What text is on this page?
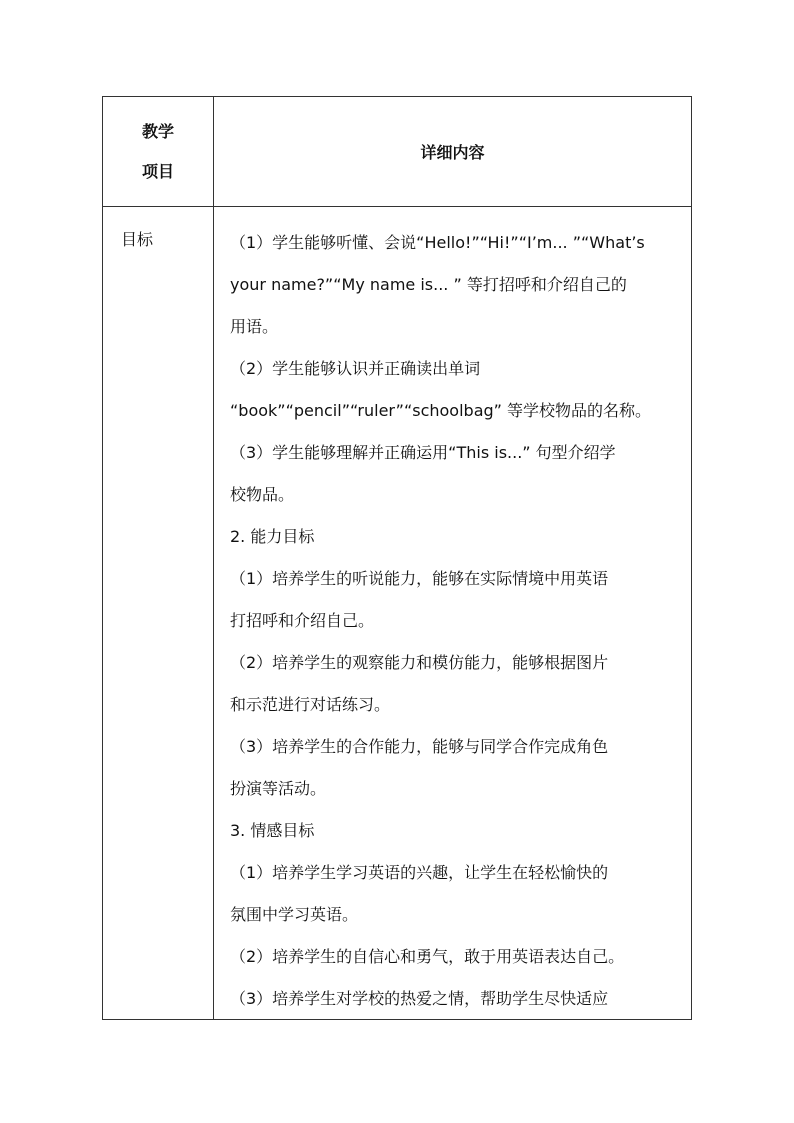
教学
项目
详细内容
目标	（1）学生能够听懂、会说“Hello!”“Hi!”“I’m... ”“What’s
your name?”“My name is... ” 等打招呼和介绍自己的
用语。
（2）学生能够认识并正确读出单词
“book”“pencil”“ruler”“schoolbag” 等学校物品的名称。
（3）学生能够理解并正确运用“This is...” 句型介绍学
校物品。
2. 能力目标
（1）培养学生的听说能力，能够在实际情境中用英语
打招呼和介绍自己。
（2）培养学生的观察能力和模仿能力，能够根据图片
和示范进行对话练习。
（3）培养学生的合作能力，能够与同学合作完成角色
扮演等活动。
3. 情感目标
（1）培养学生学习英语的兴趣，让学生在轻松愉快的
氛围中学习英语。
（2）培养学生的自信心和勇气，敢于用英语表达自己。
（3）培养学生对学校的热爱之情，帮助学生尽快适应
